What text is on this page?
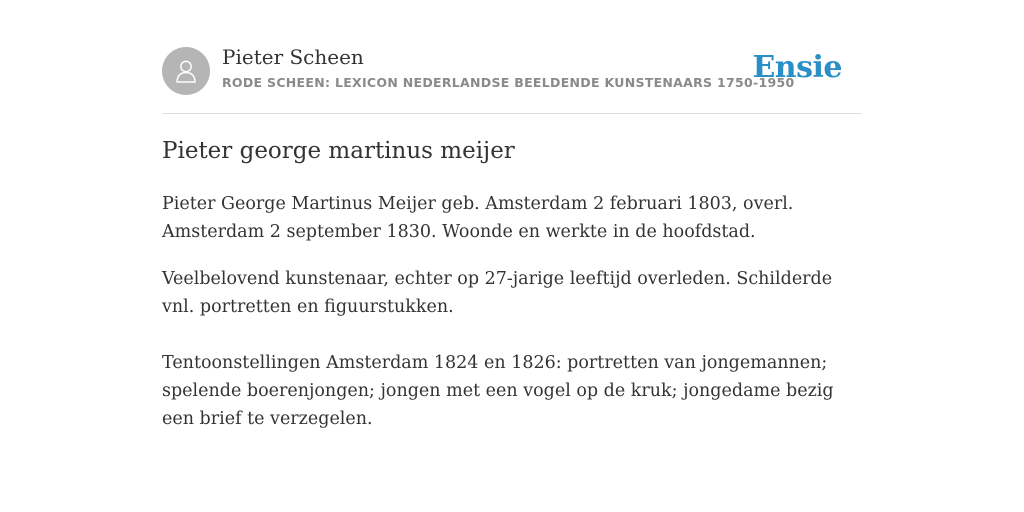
Pieter Scheen
RODE SCHEEN: LEXICON NEDERLANDSE BEELDENDE KUNSTENAARS 1750-1950
Ensie
Pieter george martinus meijer

Pieter George Martinus Meijer geb. Amsterdam 2 februari 1803, overl. Amsterdam 2 september 1830. Woonde en werkte in de hoofdstad.

Veelbelovend kunstenaar, echter op 27-jarige leeftijd overleden. Schilderde vnl. portretten en figuurstukken.

Tentoonstellingen Amsterdam 1824 en 1826: portretten van jongemannen; spelende boerenjongen; jongen met een vogel op de kruk; jongedame bezig een brief te verzegelen.
